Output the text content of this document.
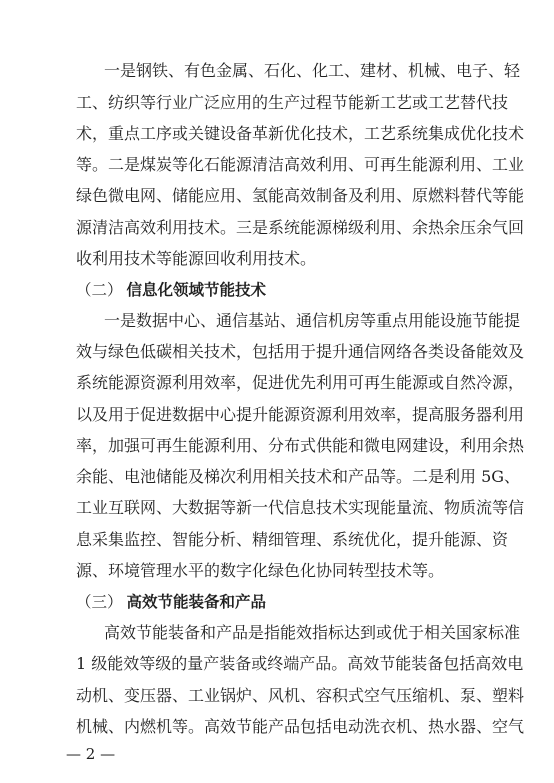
一是钢铁、有色金属、石化、化工、建材、机械、电子、轻
工、纺织等行业广泛应用的生产过程节能新工艺或工艺替代技
术，重点工序或关键设备革新优化技术，工艺系统集成优化技术
等。二是煤炭等化石能源清洁高效利用、可再生能源利用、工业
绿色微电网、储能应用、氢能高效制备及利用、原燃料替代等能
源清洁高效利用技术。三是系统能源梯级利用、余热余压余气回
收利用技术等能源回收利用技术。
（二） 信息化领域节能技术
一是数据中心、通信基站、通信机房等重点用能设施节能提
效与绿色低碳相关技术，包括用于提升通信网络各类设备能效及
系统能源资源利用效率，促进优先利用可再生能源或自然冷源，
以及用于促进数据中心提升能源资源利用效率，提高服务器利用
率，加强可再生能源利用、分布式供能和微电网建设，利用余热
余能、电池储能及梯次利用相关技术和产品等。二是利用 5G、
工业互联网、大数据等新一代信息技术实现能量流、物质流等信
息采集监控、智能分析、精细管理、系统优化，提升能源、资
源、环境管理水平的数字化绿色化协同转型技术等。
（三） 高效节能装备和产品
高效节能装备和产品是指能效指标达到或优于相关国家标准
1 级能效等级的量产装备或终端产品。高效节能装备包括高效电
动机、变压器、工业锅炉、风机、容积式空气压缩机、泵、塑料
机械、内燃机等。高效节能产品包括电动洗衣机、热水器、空气
— 2 —
